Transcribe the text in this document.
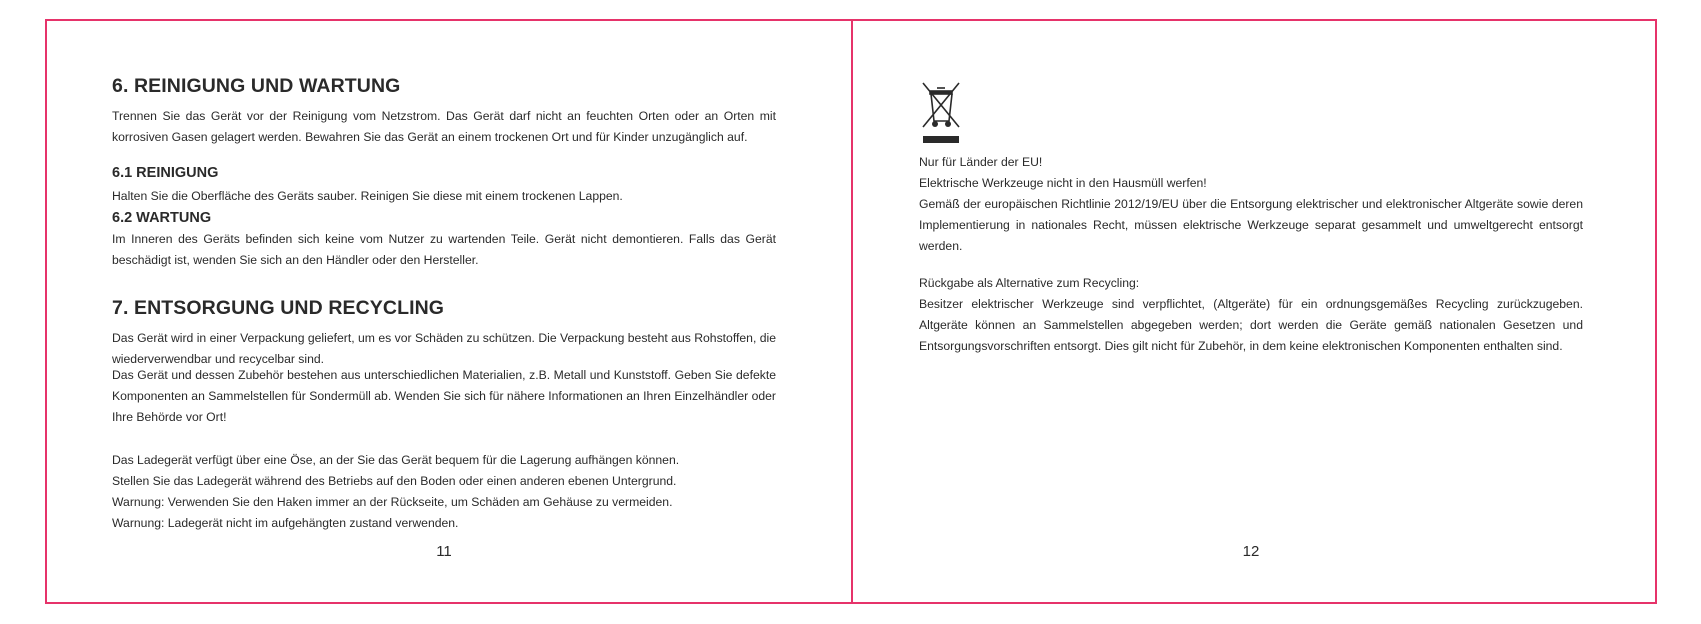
6. REINIGUNG UND WARTUNG

Trennen Sie das Gerät vor der Reinigung vom Netzstrom. Das Gerät darf nicht an feuchten Orten oder an Orten mit korrosiven Gasen gelagert werden. Bewahren Sie das Gerät an einem trockenen Ort und für Kinder unzugänglich auf.

6.1 REINIGUNG

Halten Sie die Oberfläche des Geräts sauber. Reinigen Sie diese mit einem trockenen Lappen.

6.2 WARTUNG

Im Inneren des Geräts befinden sich keine vom Nutzer zu wartenden Teile. Gerät nicht demontieren. Falls das Gerät beschädigt ist, wenden Sie sich an den Händler oder den Hersteller.

7. ENTSORGUNG UND RECYCLING

Das Gerät wird in einer Verpackung geliefert, um es vor Schäden zu schützen. Die Verpackung besteht aus Rohstoffen, die wiederverwendbar und recycelbar sind.

Das Gerät und dessen Zubehör bestehen aus unterschiedlichen Materialien, z.B. Metall und Kunststoff. Geben Sie defekte Komponenten an Sammelstellen für Sondermüll ab. Wenden Sie sich für nähere Informationen an Ihren Einzelhändler oder Ihre Behörde vor Ort!

Das Ladegerät verfügt über eine Öse, an der Sie das Gerät bequem für die Lagerung aufhängen können.
Stellen Sie das Ladegerät während des Betriebs auf den Boden oder einen anderen ebenen Untergrund.
Warnung: Verwenden Sie den Haken immer an der Rückseite, um Schäden am Gehäuse zu vermeiden.
Warnung: Ladegerät nicht im aufgehängten zustand verwenden.

11

Nur für Länder der EU!
Elektrische Werkzeuge nicht in den Hausmüll werfen!
Gemäß der europäischen Richtlinie 2012/19/EU über die Entsorgung elektrischer und elektronischer Altgeräte sowie deren Implementierung in nationales Recht, müssen elektrische Werkzeuge separat gesammelt und umweltgerecht entsorgt werden.

Rückgabe als Alternative zum Recycling:
Besitzer elektrischer Werkzeuge sind verpflichtet, (Altgeräte) für ein ordnungsgemäßes Recycling zurückzugeben. Altgeräte können an Sammelstellen abgegeben werden; dort werden die Geräte gemäß nationalen Gesetzen und Entsorgungsvorschriften entsorgt. Dies gilt nicht für Zubehör, in dem keine elektronischen Komponenten enthalten sind.

12
